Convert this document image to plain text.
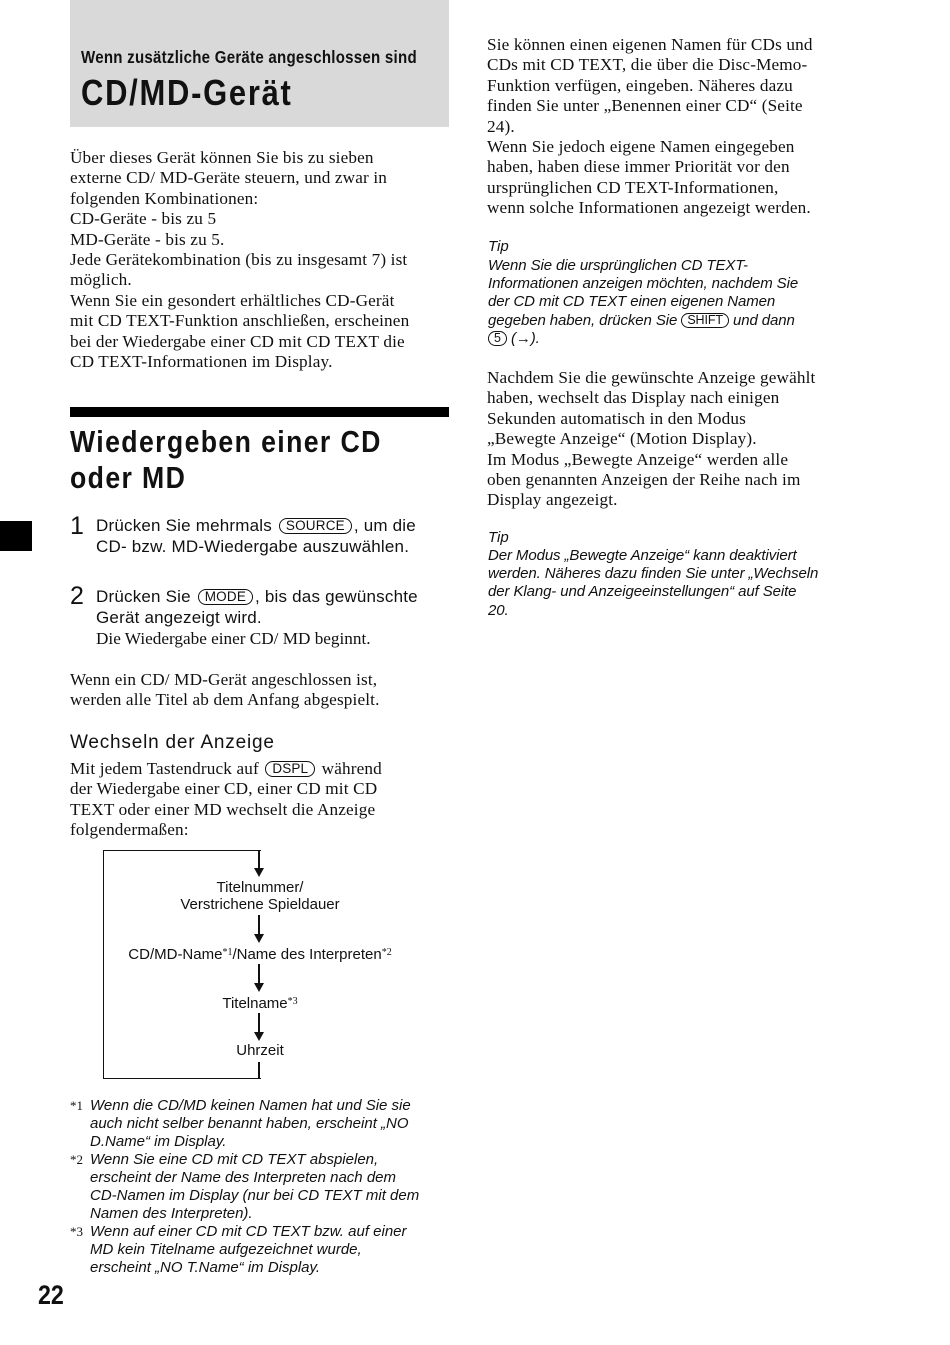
Wenn zusätzliche Geräte angeschlossen sind
CD/MD-Gerät

Über dieses Gerät können Sie bis zu sieben

externe CD/ MD-Geräte steuern, und zwar in

folgenden Kombinationen:

CD-Geräte - bis zu 5

MD-Geräte - bis zu 5.

Jede Gerätekombination (bis zu insgesamt 7) ist

möglich.

Wenn Sie ein gesondert erhältliches CD-Gerät

mit CD TEXT-Funktion anschließen, erscheinen

bei der Wiedergabe einer CD mit CD TEXT die

CD TEXT-Informationen im Display.

Wiedergeben einer CD
oder MD
1 Drücken Sie mehrmals SOURCE , um die
CD- bzw. MD-Wiedergabe auszuwählen.
2 Drücken Sie MODE , bis das gewünschte
Gerät angezeigt wird.
Die Wiedergabe einer CD/ MD beginnt.

Wenn ein CD/ MD-Gerät angeschlossen ist,

werden alle Titel ab dem Anfang abgespielt.

Wechseln der Anzeige

Mit jedem Tastendruck auf DSPL während

der Wiedergabe einer CD, einer CD mit CD

TEXT oder einer MD wechselt die Anzeige

folgendermaßen:

Titelnummer/
Verstrichene Spieldauer
CD/MD-Name$^{*1}$/Name des Interpreten$^{*2}$
Titelname$^{*3}$
Uhrzeit
*1 Wenn die CD/MD keinen Namen hat und Sie sie
auch nicht selber benannt haben, erscheint „NO
D.Name“ im Display.
*2 Wenn Sie eine CD mit CD TEXT abspielen,
erscheint der Name des Interpreten nach dem
CD-Namen im Display (nur bei CD TEXT mit dem
Namen des Interpreten).
*3 Wenn auf einer CD mit CD TEXT bzw. auf einer
MD kein Titelname aufgezeichnet wurde,
erscheint „NO T.Name“ im Display.
22

Sie können einen eigenen Namen für CDs und

CDs mit CD TEXT, die über die Disc-Memo-

Funktion verfügen, eingeben. Näheres dazu

finden Sie unter „Benennen einer CD“ (Seite

24).

Wenn Sie jedoch eigene Namen eingegeben

haben, haben diese immer Priorität vor den

ursprünglichen CD TEXT-Informationen,

wenn solche Informationen angezeigt werden.

Tip
Wenn Sie die ursprünglichen CD TEXT-
Informationen anzeigen möchten, nachdem Sie
der CD mit CD TEXT einen eigenen Namen
gegeben haben, drücken Sie SHIFT und dann
5 (→).

Nachdem Sie die gewünschte Anzeige gewählt

haben, wechselt das Display nach einigen

Sekunden automatisch in den Modus

„Bewegte Anzeige“ (Motion Display).

Im Modus „Bewegte Anzeige“ werden alle

oben genannten Anzeigen der Reihe nach im

Display angezeigt.

Tip
Der Modus „Bewegte Anzeige“ kann deaktiviert
werden. Näheres dazu finden Sie unter „Wechseln
der Klang- und Anzeigeeinstellungen“ auf Seite
20.
